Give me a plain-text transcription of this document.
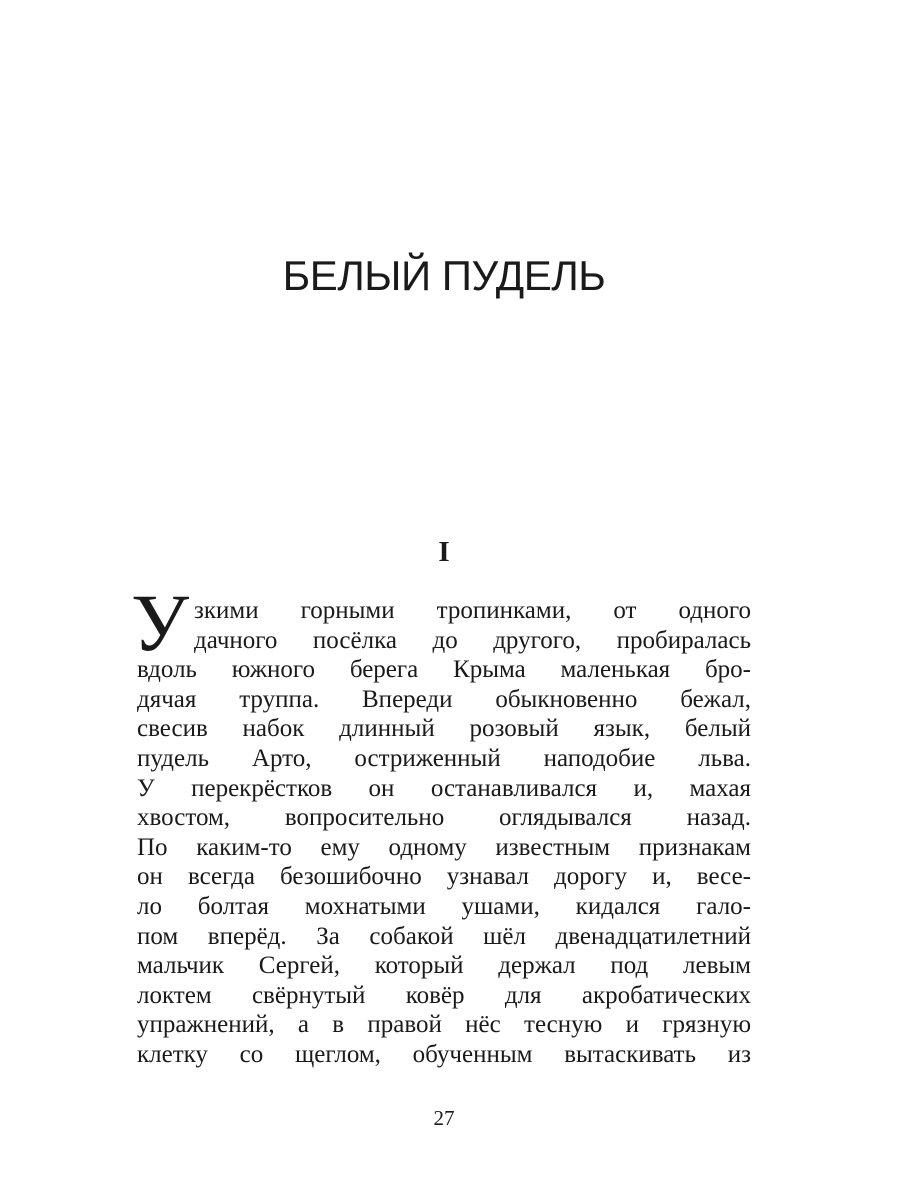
БЕЛЫЙ ПУДЕЛЬ
I
У зкими горными тропинками, от одного
дачного посёлка до другого, пробиралась
вдоль южного берега Крыма маленькая бро-
дячая труппа. Впереди обыкновенно бежал,
свесив набок длинный розовый язык, белый
пудель Арто, остриженный наподобие льва.
У перекрёстков он останавливался и, махая
хвостом, вопросительно оглядывался назад.
По каким-то ему одному известным признакам
он всегда безошибочно узнавал дорогу и, весе-
ло болтая мохнатыми ушами, кидался гало-
пом вперёд. За собакой шёл двенадцатилетний
мальчик Сергей, который держал под левым
локтем свёрнутый ковёр для акробатических
упражнений, а в правой нёс тесную и грязную
клетку со щеглом, обученным вытаскивать из
27
